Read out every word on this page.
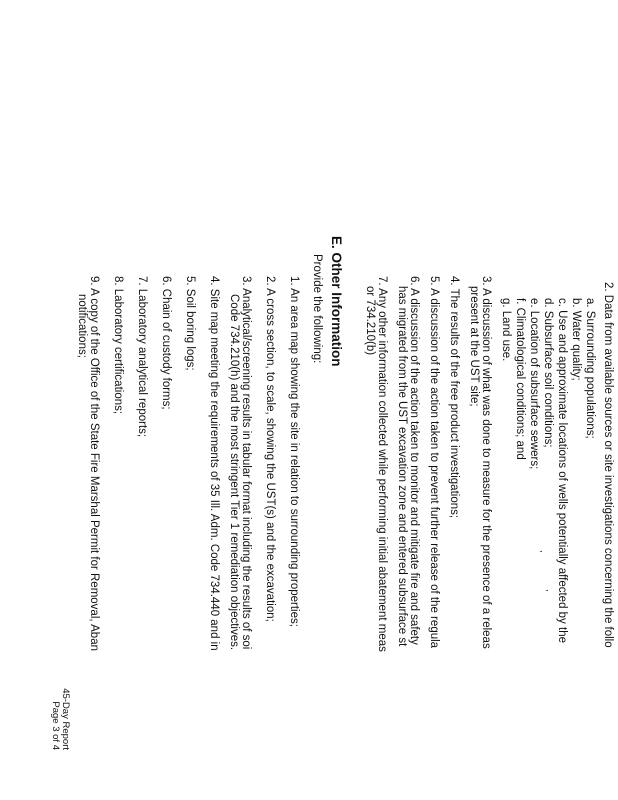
,
,	2. Data from available sources or site investigations concerning the follo

a. Surrounding populations;

b. Water quality;

c. Use and approximate locations of wells potentially affected by the

d. Subsurface soil conditions;

e. Location of subsurface sewers;

f. Climatological conditions; and

g. Land use.

3. A discussion of what was done to measure for the presence of a releas

present at the UST site;

4. The results of the free product investigations;

5. A discussion of the action taken to prevent further release of the regula

6. A discussion of the action taken to monitor and mitigate fire and safety

has migrated from the UST excavation zone and entered subsurface st

7. Any other information collected while performing initial abatement meas

or 734.210(b)

E. Other Information

Provide the following:

1. An area map showing the site in relation to surrounding properties;

2. A cross section, to scale, showing the UST(s) and the excavation;

3. Analytical/screening results in tabular format including the results of soi

Code 734.210(h) and the most stringent Tier 1 remediation objectives.

4. Site map meeting the requirements of 35 Ill. Adm. Code 734.440 and in

5. Soil boring logs;

6. Chain of custody forms;

7. Laboratory analytical reports;

8. Laboratory certifications;

9. A copy of the Office of the State Fire Marshal Permit for Removal, Aban

notifications;

45-Day Report
Page 3 of 4
